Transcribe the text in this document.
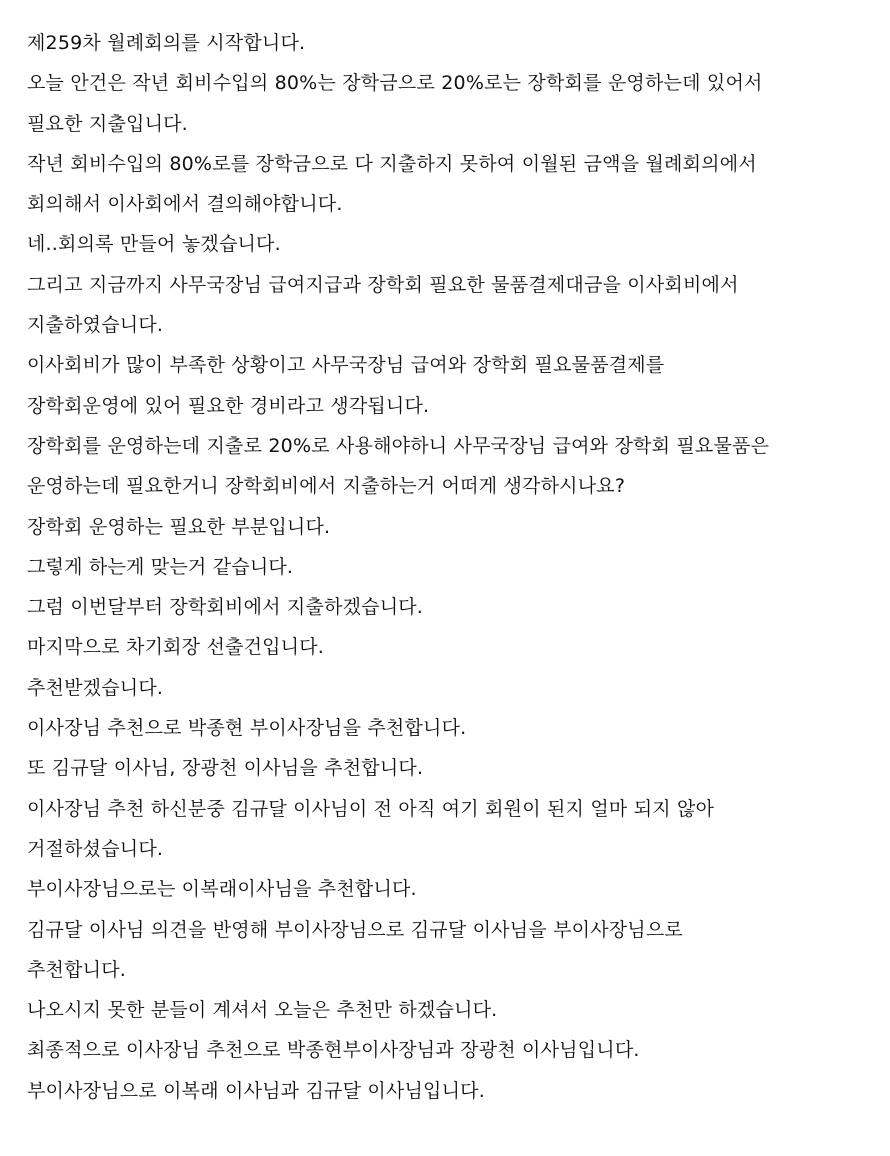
제259차 월례회의를 시작합니다.
오늘 안건은 작년 회비수입의 80%는 장학금으로 20%로는 장학회를 운영하는데 있어서
필요한 지출입니다.
작년 회비수입의 80%로를 장학금으로 다 지출하지 못하여 이월된 금액을 월례회의에서
회의해서 이사회에서 결의해야합니다.
네..회의록 만들어 놓겠습니다.
그리고 지금까지 사무국장님 급여지급과 장학회 필요한 물품결제대금을 이사회비에서
지출하였습니다.
이사회비가 많이 부족한 상황이고 사무국장님 급여와 장학회 필요물품결제를
장학회운영에 있어 필요한 경비라고 생각됩니다.
장학회를 운영하는데 지출로 20%로 사용해야하니 사무국장님 급여와 장학회 필요물품은
운영하는데 필요한거니 장학회비에서 지출하는거 어떠게 생각하시나요?
장학회 운영하는 필요한 부분입니다.
그렇게 하는게 맞는거 같습니다.
그럼 이번달부터 장학회비에서 지출하겠습니다.
마지막으로 차기회장 선출건입니다.
추천받겠습니다.
이사장님 추천으로 박종현 부이사장님을 추천합니다.
또 김규달 이사님, 장광천 이사님을 추천합니다.
이사장님 추천 하신분중 김규달 이사님이 전 아직 여기 회원이 된지 얼마 되지 않아
거절하셨습니다.
부이사장님으로는 이복래이사님을 추천합니다.
김규달 이사님 의견을 반영해 부이사장님으로 김규달 이사님을 부이사장님으로
추천합니다.
나오시지 못한 분들이 계셔서 오늘은 추천만 하겠습니다.
최종적으로 이사장님 추천으로 박종현부이사장님과 장광천 이사님입니다.
부이사장님으로 이복래 이사님과 김규달 이사님입니다.
